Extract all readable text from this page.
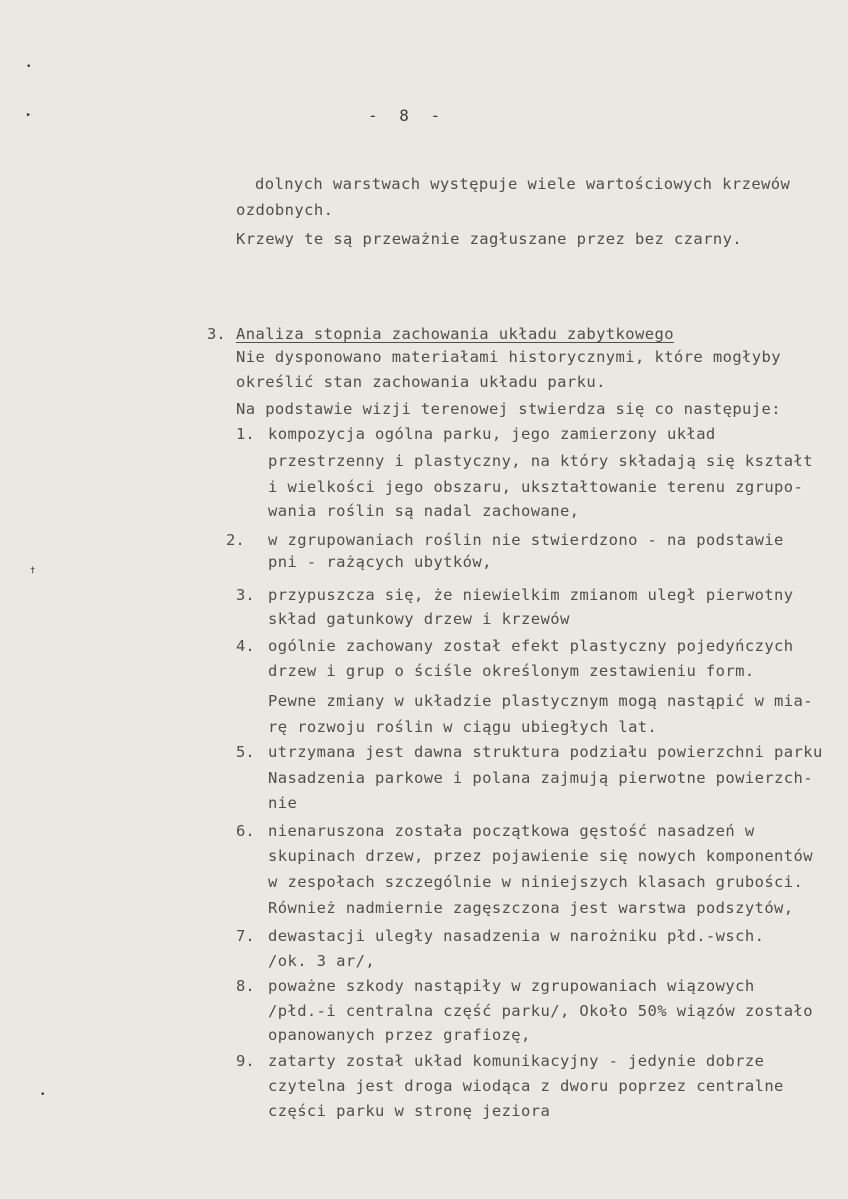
•
▸
†
•
- 8 -
dolnych warstwach występuje wiele wartościowych krzewów
ozdobnych.
Krzewy te są przeważnie zagłuszane przez bez czarny.
3. Analiza stopnia zachowania układu zabytkowego
Nie dysponowano materiałami historycznymi, które mogłyby
określić stan zachowania układu parku.
Na podstawie wizji terenowej stwierdza się co następuje:
1. kompozycja ogólna parku, jego zamierzony układ
przestrzenny i plastyczny, na który składają się kształt
i wielkości jego obszaru, ukształtowanie terenu zgrupo-
wania roślin są nadal zachowane,
2. w zgrupowaniach roślin nie stwierdzono - na podstawie
pni - rażących ubytków,
3. przypuszcza się, że niewielkim zmianom uległ pierwotny
skład gatunkowy drzew i krzewów
4. ogólnie zachowany został efekt plastyczny pojedyńczych
drzew i grup o ściśle określonym zestawieniu form.
Pewne zmiany w układzie plastycznym mogą nastąpić w mia-
rę rozwoju roślin w ciągu ubiegłych lat.
5. utrzymana jest dawna struktura podziału powierzchni parku
Nasadzenia parkowe i polana zajmują pierwotne powierzch-
nie
6. nienaruszona została początkowa gęstość nasadzeń w
skupinach drzew, przez pojawienie się nowych komponentów
w zespołach szczególnie w niniejszych klasach grubości.
Również nadmiernie zagęszczona jest warstwa podszytów,
7. dewastacji uległy nasadzenia w narożniku płd.-wsch.
/ok. 3 ar/,
8. poważne szkody nastąpiły w zgrupowaniach wiązowych
/płd.-i centralna część parku/, Około 50% wiązów zostało
opanowanych przez grafiozę,
9. zatarty został układ komunikacyjny - jedynie dobrze
czytelna jest droga wiodąca z dworu poprzez centralne
części parku w stronę jeziora
